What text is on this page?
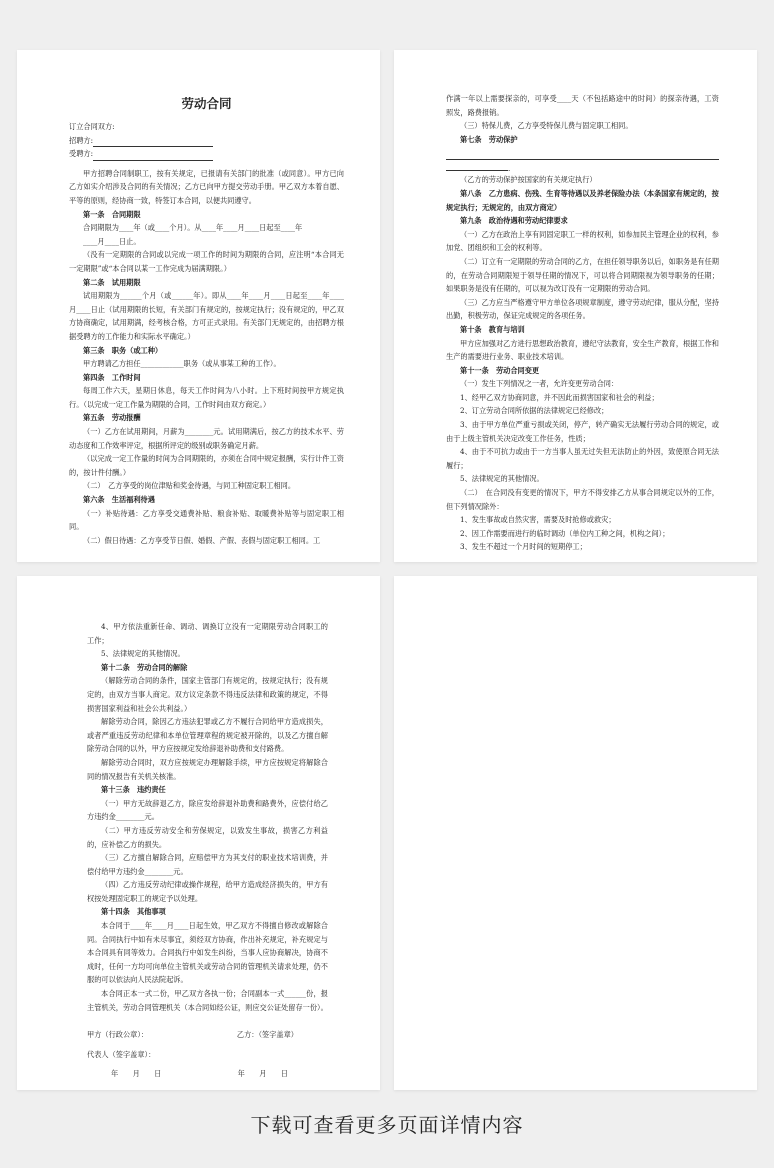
劳动合同
订立合同双方:
招聘方:
受聘方:
甲方招聘合同制职工，按有关规定，已报请有关部门的批准（或同意）。甲方已向乙方如实介绍涉及合同的有关情况；乙方已向甲方提交劳动手册。甲乙双方本着自愿、平等的原则，经协商一致，特签订本合同，以便共同遵守。
第一条　合同期限
合同期限为____年（或____个月）。从____年____月____日起至____年
____月____日止。
（没有一定期限的合同或以完成一项工作的时间为期限的合同，应注明“本合同无一定期限”或“本合同以某一工作完成为届满期限。）
第二条　试用期限
试用期限为______个月（或______年）。即从____年____月____日起至____年____月____日止（试用期限的长短，有关部门有规定的，按规定执行；没有规定的，甲乙双方协商确定，试用期满，经考核合格，方可正式录用。有关部门无规定的，由招聘方根据受聘方的工作能力和实际水平确定。）
第三条　职务（或工种）
甲方聘请乙方担任____________职务（或从事某工种的工作）。
第四条　工作时间
每周工作六天，星期日休息，每天工作时间为八小时。上下班时间按甲方规定执行。（以完成一定工作量为期限的合同，工作时间由双方商定。）
第五条　劳动报酬
（一）乙方在试用期间，月薪为________元。试用期满后，按乙方的技术水平、劳动态度和工作效率评定，根据所评定的级别或职务确定月薪。
（以完成一定工作量的时间为合同期限的，亦须在合同中规定报酬，实行计件工资的，按计件付酬。）
（二）　乙方享受的岗位津贴和奖金待遇，与同工种固定职工相同。
第六条　生活福利待遇
（一）补贴待遇：乙方享受交通费补贴、粮食补贴、取暖费补贴等与固定职工相同。
（二）假日待遇：乙方享受节日假、婚假、产假、丧假与固定职工相同。工
作满一年以上需要探亲的，可享受____天（不包括路途中的时间）的探亲待遇，工资照发，路费报销。
（三）特保儿费，乙方享受特保儿费与固定职工相同。
第七条　劳动保护
.
（乙方的劳动保护按国家的有关规定执行）
第八条　乙方患病、伤残、生育等待遇以及养老保险办法（本条国家有规定的，按规定执行；无规定的，由双方商定）
第九条　政治待遇和劳动纪律要求
（一）乙方在政治上享有同固定职工一样的权利，如参加民主管理企业的权利，参加党、团组织和工会的权利等。
（二）订立有一定期限的劳动合同的乙方，在担任领导职务以后，如职务是有任期的，在劳动合同期限短于领导任期的情况下，可以将合同期限视为领导职务的任期；如果职务是没有任期的，可以视为改订没有一定期限的劳动合同。
（三）乙方应当严格遵守甲方单位各项规章制度，遵守劳动纪律，服从分配，坚持出勤，积极劳动，保证完成规定的各项任务。
第十条　教育与培训
甲方应加强对乙方进行思想政治教育，遵纪守法教育，安全生产教育，根据工作和生产的需要进行业务、职业技术培训。
第十一条　劳动合同变更
（一）发生下列情况之一者，允许变更劳动合同：
1、经甲乙双方协商同意，并不因此而损害国家和社会的利益；
2、订立劳动合同所依据的法律规定已经修改；
3、由于甲方单位严重亏损或关闭，停产，转产确实无法履行劳动合同的规定，或由于上级主管机关决定改变工作任务，性质；
4、由于不可抗力或由于一方当事人虽无过失但无法防止的外因，致使原合同无法履行；
5、法律规定的其他情况。
（二）　在合同没有变更的情况下，甲方不得安排乙方从事合同规定以外的工作，但下列情况除外：
1、发生事故或自然灾害，需要及时抢修或救灾；
2、因工作需要而进行的临时调动（单位内工种之间，机构之间）；
3、发生不超过一个月时间的短期停工；
4、甲方依法重新任命、调动、调换订立没有一定期限劳动合同职工的工作；
5、法律规定的其他情况。
第十二条　劳动合同的解除
（解除劳动合同的条件，国家主管部门有规定的，按规定执行；没有规定的，由双方当事人商定。双方议定条款不得违反法律和政策的规定，不得损害国家利益和社会公共利益。）
解除劳动合同，除因乙方违法犯罪或乙方不履行合同给甲方造成损失，或者严重违反劳动纪律和本单位管理章程的规定被开除的，以及乙方擅自解除劳动合同的以外，甲方应按规定发给辞退补助费和支付路费。
解除劳动合同时，双方应按规定办理解除手续，甲方应按规定将解除合同的情况报告有关机关核准。
第十三条　违约责任
（一）甲方无故辞退乙方，除应发给辞退补助费和路费外，应偿付给乙方违约金________元。
（二）甲方违反劳动安全和劳保规定，以致发生事故，损害乙方利益的，应补偿乙方的损失。
（三）乙方擅自解除合同，应赔偿甲方为其支付的职业技术培训费，并偿付给甲方违约金________元。
（四）乙方违反劳动纪律或操作规程，给甲方造成经济损失的，甲方有权按处理固定职工的规定予以处理。
第十四条　其他事项
本合同于____年____月____日起生效，甲乙双方不得擅自修改或解除合同。合同执行中如有未尽事宜，须经双方协商，作出补充规定，补充规定与本合同具有同等效力。合同执行中如发生纠纷，当事人应协商解决，协商不成时，任何一方均可向单位主管机关或劳动合同的管理机关请求处理，仍不服的可以依法向人民法院起诉。
本合同正本一式二份，甲乙双方各执一份；合同副本一式______份，报主管机关，劳动合同管理机关（本合同如经公证，则应交公证处留存一份）。
甲方（行政公章）：	乙方：（签字盖章）
代表人（签字盖章）：
年　　月　　日	年　　月　　日
下载可查看更多页面详情内容
